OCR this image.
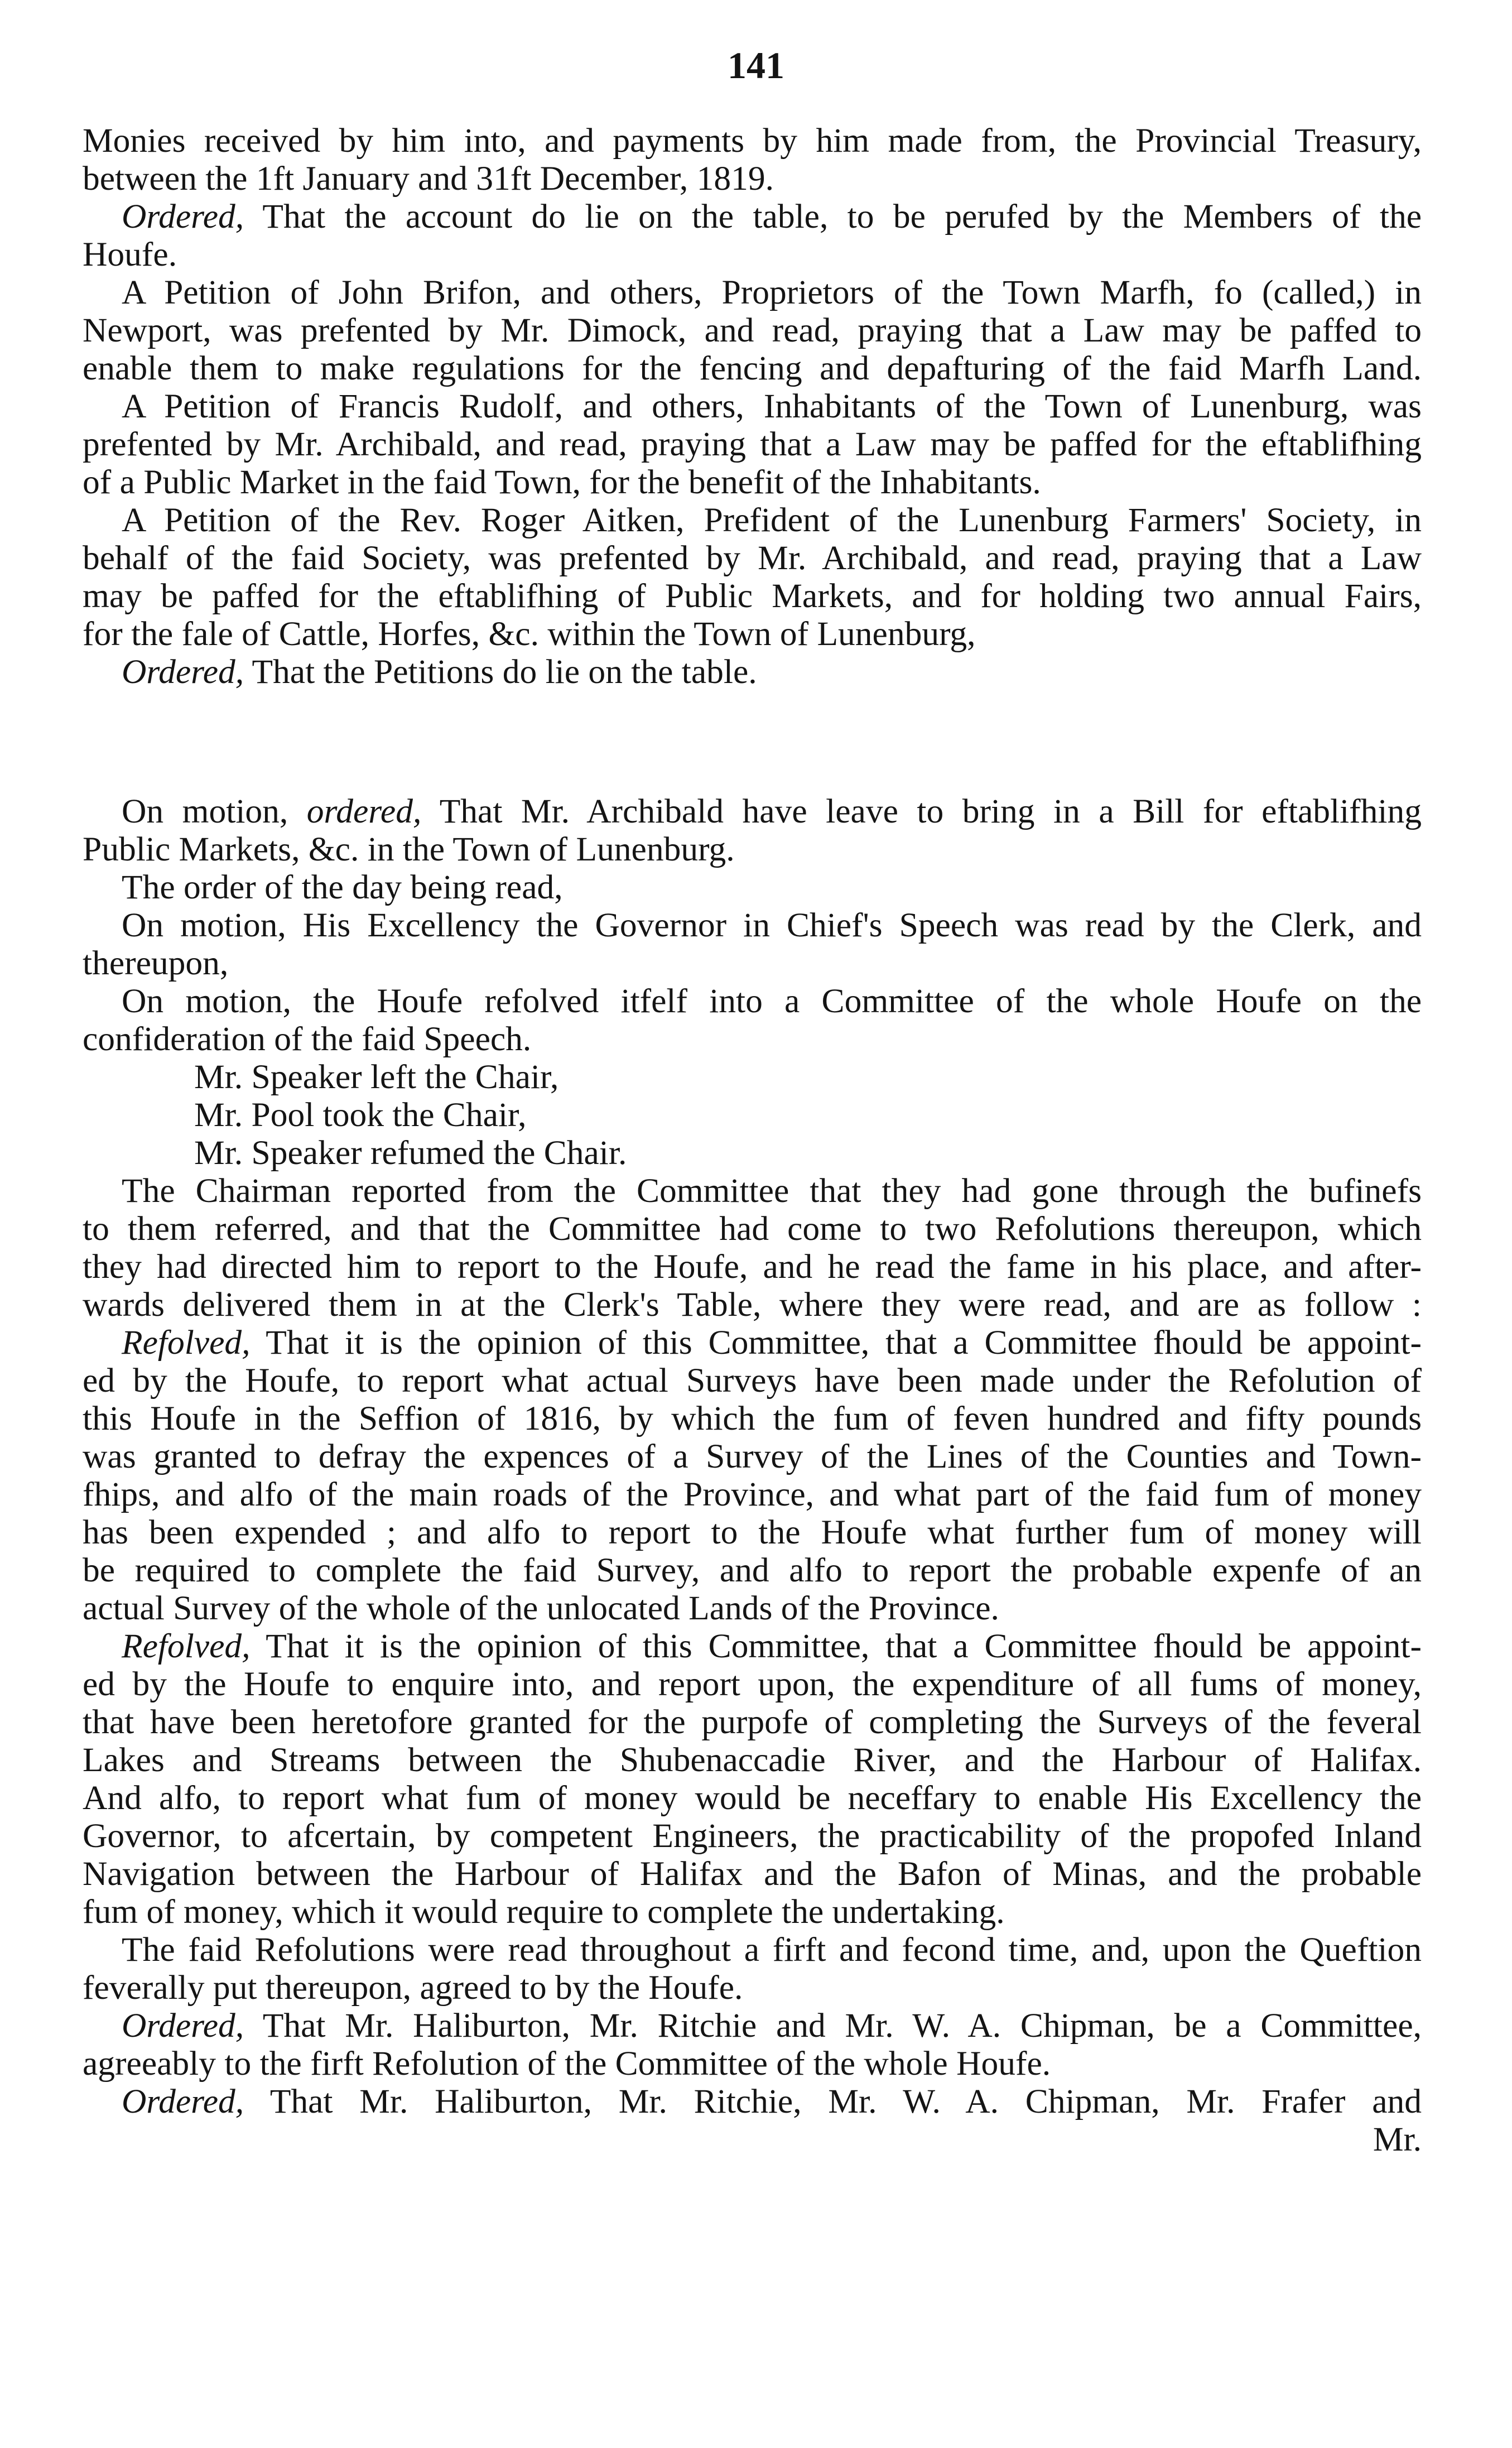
141
Monies received by him into, and payments by him made from, the Provincial Treasury,
between the 1ft January and 31ft December, 1819.
Ordered, That the account do lie on the table, to be perufed by the Members of the
Houfe.
A Petition of John Brifon, and others, Proprietors of the Town Marfh, fo (called,) in
Newport, was prefented by Mr. Dimock, and read, praying that a Law may be paffed to
enable them to make regulations for the fencing and depafturing of the faid Marfh Land.
A Petition of Francis Rudolf, and others, Inhabitants of the Town of Lunenburg, was
prefented by Mr. Archibald, and read, praying that a Law may be paffed for the eftablifhing
of a Public Market in the faid Town, for the benefit of the Inhabitants.
A Petition of the Rev. Roger Aitken, Prefident of the Lunenburg Farmers' Society, in
behalf of the faid Society, was prefented by Mr. Archibald, and read, praying that a Law
may be paffed for the eftablifhing of Public Markets, and for holding two annual Fairs,
for the fale of Cattle, Horfes, &c. within the Town of Lunenburg,
Ordered, That the Petitions do lie on the table.
On motion, ordered, That Mr. Archibald have leave to bring in a Bill for eftablifhing
Public Markets, &c. in the Town of Lunenburg.
The order of the day being read,
On motion, His Excellency the Governor in Chief's Speech was read by the Clerk, and
thereupon,
On motion, the Houfe refolved itfelf into a Committee of the whole Houfe on the
confideration of the faid Speech.
Mr. Speaker left the Chair,
Mr. Pool took the Chair,
Mr. Speaker refumed the Chair.
The Chairman reported from the Committee that they had gone through the bufinefs
to them referred, and that the Committee had come to two Refolutions thereupon, which
they had directed him to report to the Houfe, and he read the fame in his place, and after-
wards delivered them in at the Clerk's Table, where they were read, and are as follow :
Refolved, That it is the opinion of this Committee, that a Committee fhould be appoint-
ed by the Houfe, to report what actual Surveys have been made under the Refolution of
this Houfe in the Seffion of 1816, by which the fum of feven hundred and fifty pounds
was granted to defray the expences of a Survey of the Lines of the Counties and Town-
fhips, and alfo of the main roads of the Province, and what part of the faid fum of money
has been expended ; and alfo to report to the Houfe what further fum of money will
be required to complete the faid Survey, and alfo to report the probable expenfe of an
actual Survey of the whole of the unlocated Lands of the Province.
Refolved, That it is the opinion of this Committee, that a Committee fhould be appoint-
ed by the Houfe to enquire into, and report upon, the expenditure of all fums of money,
that have been heretofore granted for the purpofe of completing the Surveys of the feveral
Lakes and Streams between the Shubenaccadie River, and the Harbour of Halifax.
And alfo, to report what fum of money would be neceffary to enable His Excellency the
Governor, to afcertain, by competent Engineers, the practicability of the propofed Inland
Navigation between the Harbour of Halifax and the Bafon of Minas, and the probable
fum of money, which it would require to complete the undertaking.
The faid Refolutions were read throughout a firft and fecond time, and, upon the Queftion
feverally put thereupon, agreed to by the Houfe.
Ordered, That Mr. Haliburton, Mr. Ritchie and Mr. W. A. Chipman, be a Committee,
agreeably to the firft Refolution of the Committee of the whole Houfe.
Ordered, That Mr. Haliburton, Mr. Ritchie, Mr. W. A. Chipman, Mr. Frafer and
Mr.
